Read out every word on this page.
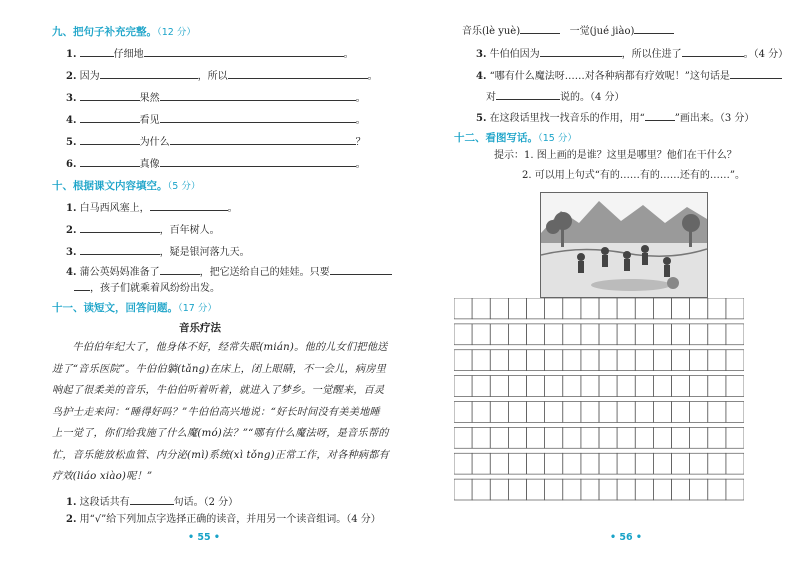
九、把句子补充完整。（12 分）
1.	仔细地	。
2. 因为	，所以	。
3.	果然	。
4.	看见	。
5.	为什么	？
6.	真像	。
十、根据课文内容填空。（5 分）
1. 白马西风塞上，	。
2.	，百年树人。
3.	，疑是银河落九天。
4. 蒲公英妈妈准备了	，把它送给自己的娃娃。只要
，孩子们就乘着风纷纷出发。
十一、读短文，回答问题。（17 分）
音乐疗法

牛伯伯年纪大了，他身体不好，经常失眠(mián)。他的儿女们把他送进了“音乐医院”。牛伯伯躺(tǎng)在床上，闭上眼睛，不一会儿，病房里响起了很柔美的音乐，牛伯伯听着听着，就进入了梦乡。一觉醒来，百灵鸟护士走来问：“睡得好吗？”牛伯伯高兴地说：“好长时间没有美美地睡上一觉了，你们给我施了什么魔(mó)法？”“哪有什么魔法呀，是音乐帮的忙，音乐能放松血管、内分泌(mì)系统(xì tǒng)正常工作，对各种病都有疗效(liáo xiào)呢！”

1. 这段话共有	句话。（2 分）
2. 用“√”给下列加点字选择正确的读音，并用另一个读音组词。（4 分）
• 55 •
音乐(lè yuè)	一觉(jué jiào)
3. 牛伯伯因为	，所以住进了	。（4 分）
4. “哪有什么魔法呀……对各种病都有疗效呢！”这句话是
对	说的。（4 分）
5. 在这段话里找一找音乐的作用，用“	”画出来。（3 分）
十二、看图写话。（15 分）
提示：1. 图上画的是谁？这里是哪里？他们在干什么？
2. 可以用上句式“有的……有的……还有的……”。
• 56 •
